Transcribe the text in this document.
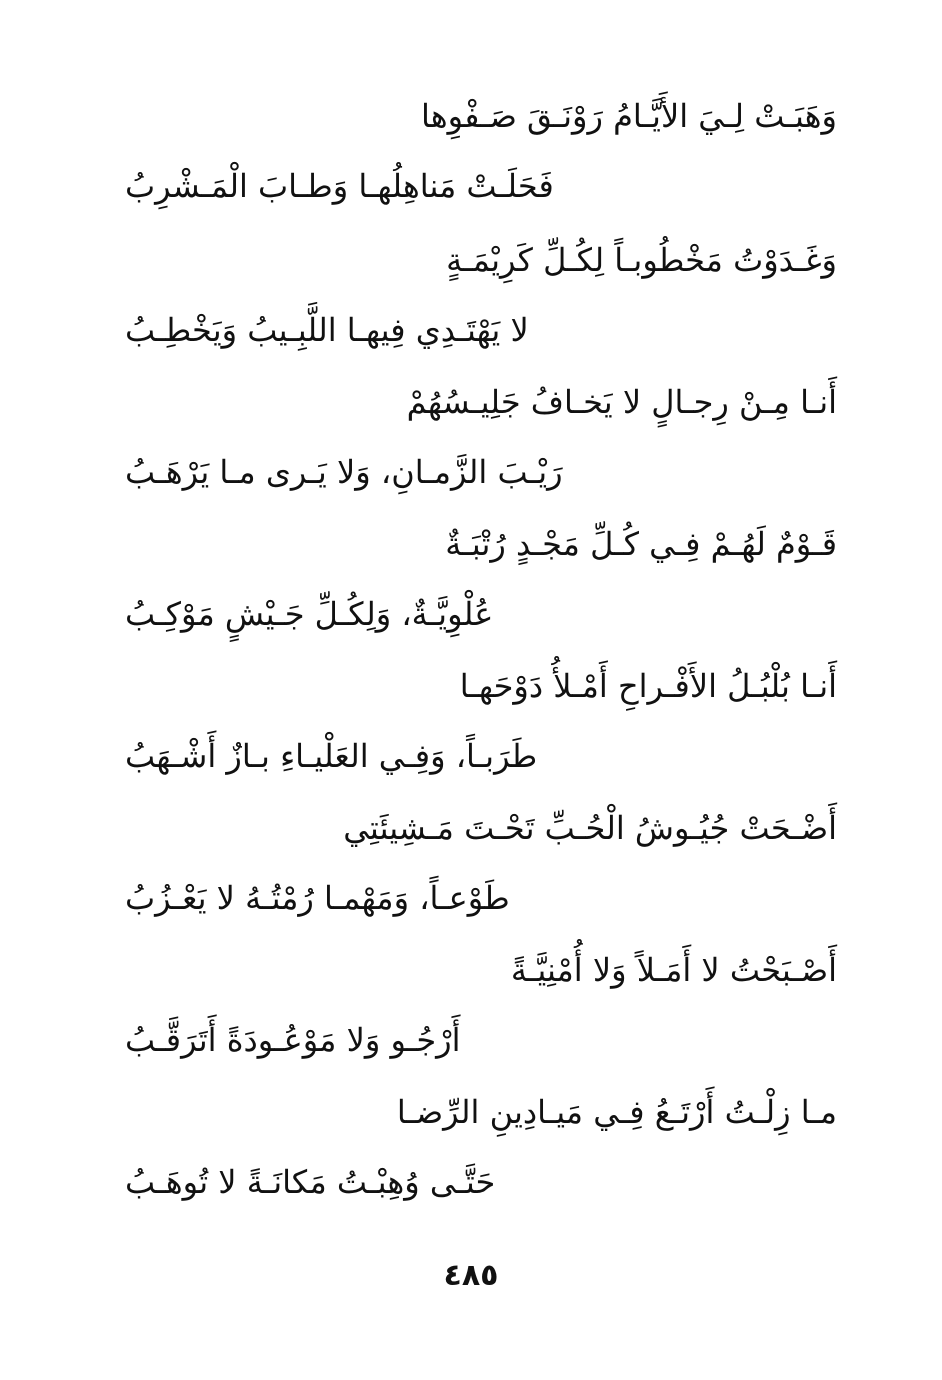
وَهَبَـتْ لِـيَ الأَيَّـامُ رَوْنَـقَ صَـفْوِها
فَحَلَـتْ مَناهِلُهـا وَطـابَ الْمَـشْرِبُ
وَغَـدَوْتُ مَخْطُوبـاً لِكُـلِّ كَرِيْمَـةٍ
لا يَهْتَـدِي فِيهـا اللَّبِـيبُ وَيَخْطِـبُ
أَنـا مِـنْ رِجـالٍ لا يَخـافُ جَلِيـسُهُمْ
رَيْـبَ الزَّمـانِ، وَلا يَـرى مـا يَرْهَـبُ
قَـوْمٌ لَهُـمْ فِـي كُـلِّ مَجْـدٍ رُتْبَـةٌ
عُلْوِيَّـةٌ، وَلِكُـلِّ جَـيْشٍ مَوْكِـبُ
أَنـا بُلْبُـلُ الأَفْـراحِ أَمْـلأُ دَوْحَهـا
طَرَبـاً، وَفِـي العَلْيـاءِ بـازٌ أَشْـهَبُ
أَضْـحَتْ جُيُـوشُ الْحُـبِّ تَحْـتَ مَـشِيئَتِي
طَوْعـاً، وَمَهْمـا رُمْتُـهُ لا يَعْـزُبُ
أَصْـبَحْتُ لا أَمَـلاً وَلا أُمْنِيَّـةً
أَرْجُـو وَلا مَوْعُـودَةً أَتَرَقَّـبُ
مـا زِلْـتُ أَرْتَـعُ فِـي مَيـادِينِ الرِّضـا
حَتَّـى وُهِبْـتُ مَكانَـةً لا تُوهَـبُ
٤٨٥
